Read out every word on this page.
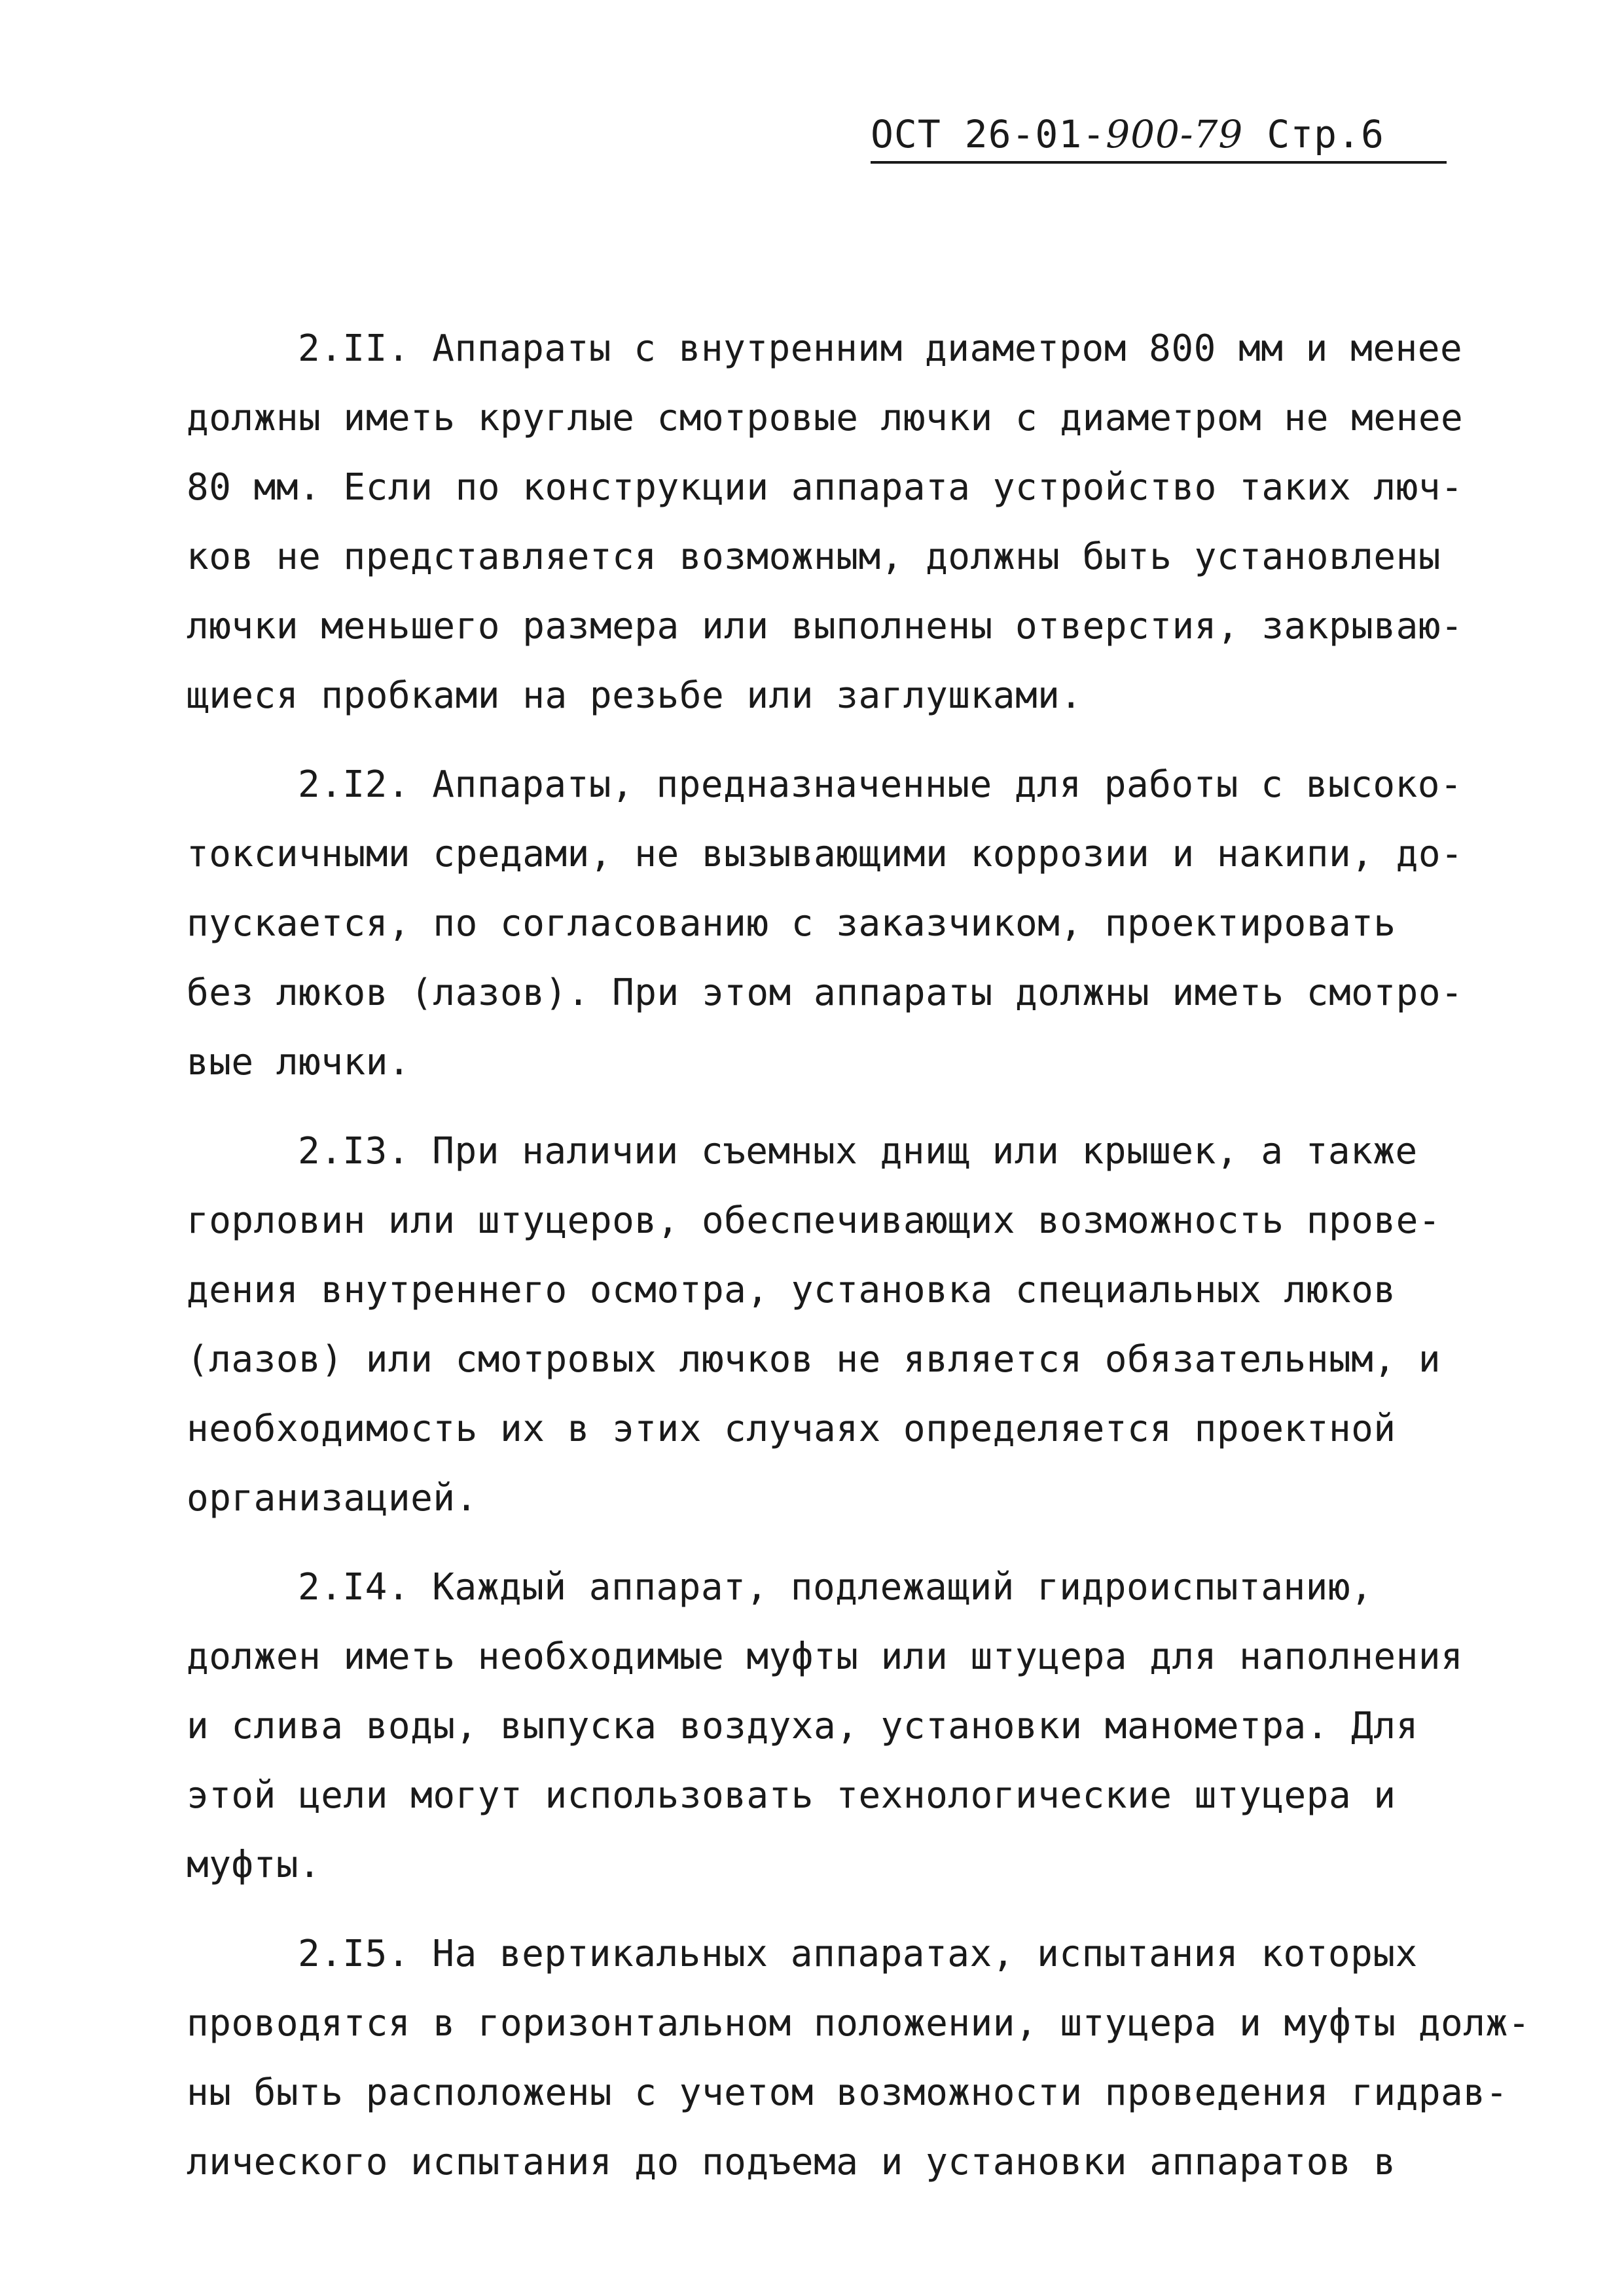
ОСТ 26-01-900-79 Стр.6
2.II. Аппараты с внутренним диаметром 800 мм и менее
должны иметь круглые смотровые лючки с диаметром не менее
80 мм. Если по конструкции аппарата устройство таких люч-
ков не представляется возможным, должны быть установлены
лючки меньшего размера или выполнены отверстия, закрываю-
щиеся пробками на резьбе или заглушками.
2.I2. Аппараты, предназначенные для работы с высоко-
токсичными средами, не вызывающими коррозии и накипи, до-
пускается, по согласованию с заказчиком, проектировать
без люков (лазов). При этом аппараты должны иметь смотро-
вые лючки.
2.I3. При наличии съемных днищ или крышек, а также
горловин или штуцеров, обеспечивающих возможность прове-
дения внутреннего осмотра, установка специальных люков
(лазов) или смотровых лючков не является обязательным, и
необходимость их в этих случаях определяется проектной
организацией.
2.I4. Каждый аппарат, подлежащий гидроиспытанию,
должен иметь необходимые муфты или штуцера для наполнения
и слива воды, выпуска воздуха, установки манометра. Для
этой цели могут использовать технологические штуцера и
муфты.
2.I5. На вертикальных аппаратах, испытания которых
проводятся в горизонтальном положении, штуцера и муфты долж-
ны быть расположены с учетом возможности проведения гидрав-
лического испытания до подъема и установки аппаратов в
